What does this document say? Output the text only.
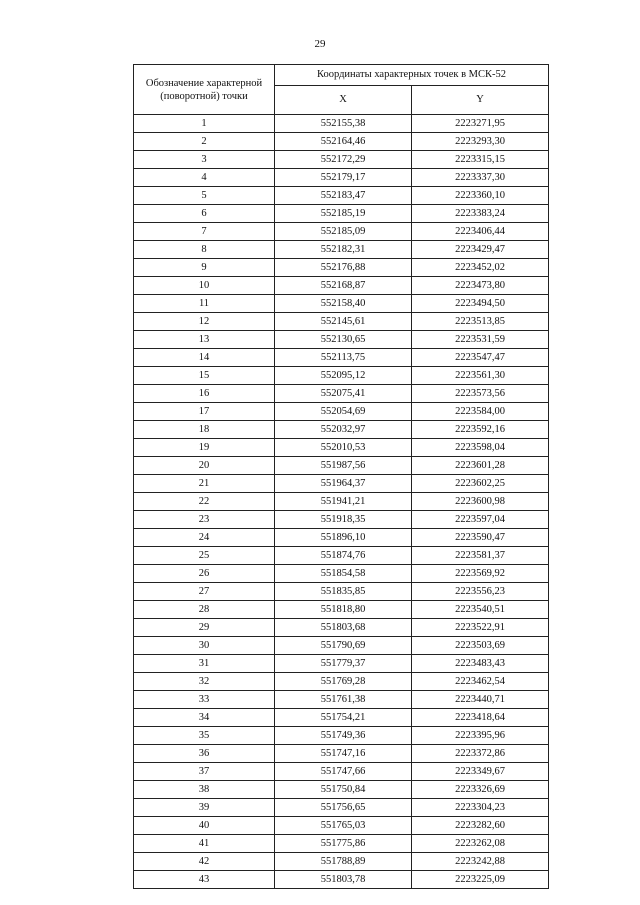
29
Обозначение характерной (поворотной) точки	Координаты характерных точек в МСК-52	
	X	Y
1	552155,38	2223271,95
2	552164,46	2223293,30
3	552172,29	2223315,15
4	552179,17	2223337,30
5	552183,47	2223360,10
6	552185,19	2223383,24
7	552185,09	2223406,44
8	552182,31	2223429,47
9	552176,88	2223452,02
10	552168,87	2223473,80
11	552158,40	2223494,50
12	552145,61	2223513,85
13	552130,65	2223531,59
14	552113,75	2223547,47
15	552095,12	2223561,30
16	552075,41	2223573,56
17	552054,69	2223584,00
18	552032,97	2223592,16
19	552010,53	2223598,04
20	551987,56	2223601,28
21	551964,37	2223602,25
22	551941,21	2223600,98
23	551918,35	2223597,04
24	551896,10	2223590,47
25	551874,76	2223581,37
26	551854,58	2223569,92
27	551835,85	2223556,23
28	551818,80	2223540,51
29	551803,68	2223522,91
30	551790,69	2223503,69
31	551779,37	2223483,43
32	551769,28	2223462,54
33	551761,38	2223440,71
34	551754,21	2223418,64
35	551749,36	2223395,96
36	551747,16	2223372,86
37	551747,66	2223349,67
38	551750,84	2223326,69
39	551756,65	2223304,23
40	551765,03	2223282,60
41	551775,86	2223262,08
42	551788,89	2223242,88
43	551803,78	2223225,09
